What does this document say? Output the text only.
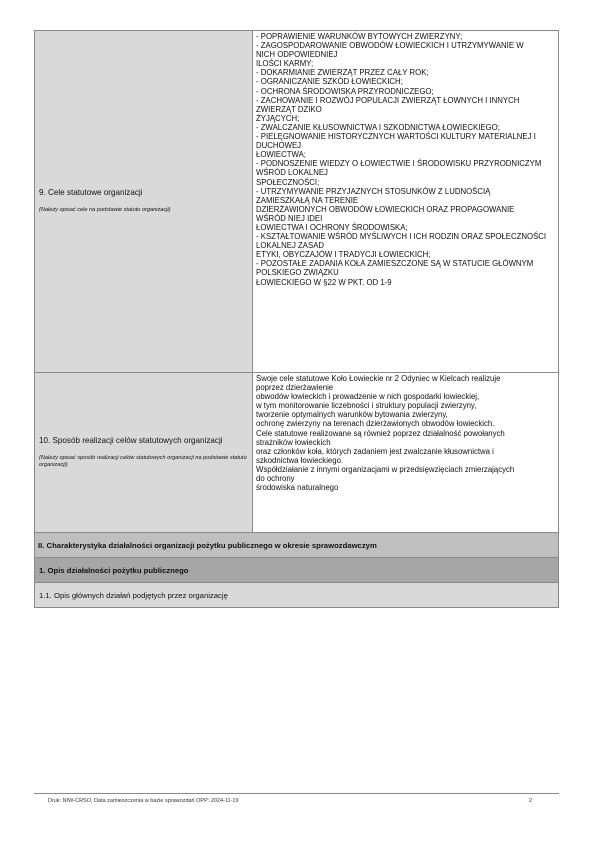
9. Cele statutowe organizacji
(Należy opisać cele na podstawie statutu organizacji)

- POPRAWIENIE WARUNKÓW BYTOWYCH ZWIERZYNY;

- ZAGOSPODAROWANIE OBWODÓW ŁOWIECKICH I UTRZYMYWANIE W

NICH ODPOWIEDNIEJ

ILOŚCI KARMY;

- DOKARMIANIE ZWIERZĄT PRZEZ CAŁY ROK;

- OGRANICZANIE SZKÓD ŁOWIECKICH;

- OCHRONA ŚRODOWISKA PRZYRODNICZEGO;

- ZACHOWANIE I ROZWÓJ POPULACJI ZWIERZĄT ŁOWNYCH I INNYCH

ZWIERZĄT DZIKO

ŻYJĄCYCH;

- ZWALCZANIE KŁUSOWNICTWA I SZKODNICTWA ŁOWIECKIEGO;

- PIELĘGNOWANIE HISTORYCZNYCH WARTOŚCI KULTURY MATERIALNEJ I

DUCHOWEJ

ŁOWIECTWA;

- PODNOSZENIE WIEDZY O ŁOWIECTWIE I ŚRODOWISKU PRZYRODNICZYM

WŚRÓD LOKALNEJ

SPOŁECZNOŚCI;

- UTRZYMYWANIE PRZYJAZNYCH STOSUNKÓW Z LUDNOŚCIĄ

ZAMIESZKAŁĄ NA TERENIE

DZIERŻAWIONYCH OBWODÓW ŁOWIECKICH ORAZ PROPAGOWANIE

WŚRÓD NIEJ IDEI

ŁOWIECTWA I OCHRONY ŚRODOWISKA;

- KSZTAŁTOWANIE WŚRÓD MYŚLIWYCH I ICH RODZIN ORAZ SPOŁECZNOŚCI

LOKALNEJ ZASAD

ETYKI, OBYCZAJÓW I TRADYCJI ŁOWIECKICH;

- POZOSTAŁE ZADANIA KOŁA ZAMIESZCZONE SĄ W STATUCIE GŁÓWNYM

POLSKIEGO ZWIĄZKU

ŁOWIECKIEGO W §22 W PKT. OD 1-9

10. Sposób realizacji celów statutowych organizacji
(Należy opisać sposób realizacji celów statutowych organizacji na podstawie statutu organizacji)

Swoje cele statutowe Koło Łowieckie nr 2 Odyniec w Kielcach realizuje

poprzez dzierżawienie

obwodów łowieckich i prowadzenie w nich gospodarki łowieckiej,

w tym monitorowanie liczebności i struktury populacji zwierzyny,

tworzenie optymalnych warunków bytowania zwierzyny,

ochronę zwierzyny na terenach dzierżawionych obwodów łowieckich.

Cele statutowe realizowane są również poprzez działalność powołanych

strażników łowieckich

oraz członków koła, których zadaniem jest zwalczanie kłusownictwa i

szkodnictwa łowieckiego.

Współdziałanie z innymi organizacjami w przedsięwzięciach zmierzających

do ochrony

środowiska naturalnego

II. Charakterystyka działalności organizacji pożytku publicznego w okresie sprawozdawczym
1. Opis działalności pożytku publicznego
1.1. Opis głównych działań podjętych przez organizację
Druk: NIW-CRSO, Data zamieszczenia w bazie sprawozdań OPP: 2024-11-19	2
